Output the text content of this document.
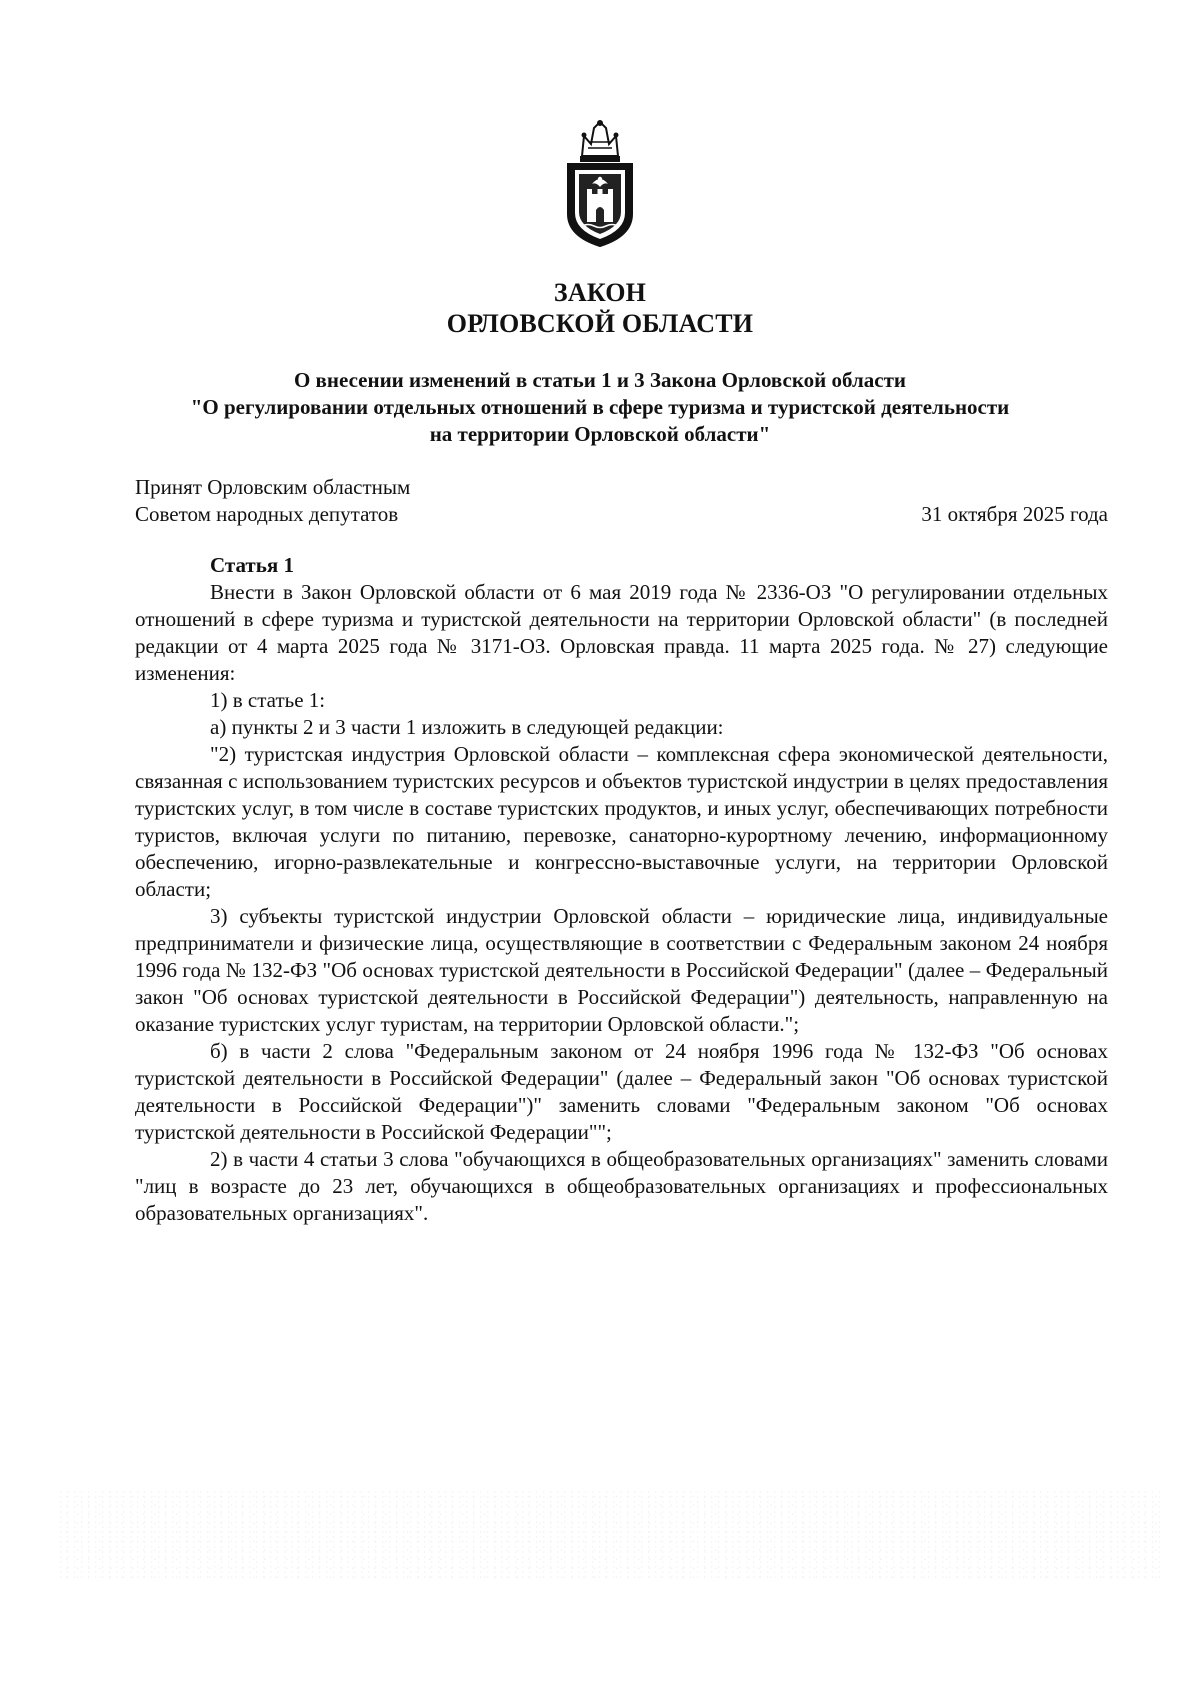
ЗАКОН
ОРЛОВСКОЙ ОБЛАСТИ
О внесении изменений в статьи 1 и 3 Закона Орловской области
"О регулировании отдельных отношений в сфере туризма и туристской деятельности
на территории Орловской области"
Принят Орловским областным
Советом народных депутатов	31 октября 2025 года
Статья 1

Внести в Закон Орловской области от 6 мая 2019 года № 2336-ОЗ "О регулировании отдельных отношений в сфере туризма и туристской деятельности на территории Орловской области" (в последней редакции от 4 марта 2025 года № 3171-ОЗ. Орловская правда. 11 марта 2025 года. № 27) следующие изменения:

1) в статье 1:

а) пункты 2 и 3 части 1 изложить в следующей редакции:

"2) туристская индустрия Орловской области – комплексная сфера экономической деятельности, связанная с использованием туристских ресурсов и объектов туристской индустрии в целях предоставления туристских услуг, в том числе в составе туристских продуктов, и иных услуг, обеспечивающих потребности туристов, включая услуги по питанию, перевозке, санаторно-курортному лечению, информационному обеспечению, игорно-развлекательные и конгрессно-выставочные услуги, на территории Орловской области;

3) субъекты туристской индустрии Орловской области – юридические лица, индивидуальные предприниматели и физические лица, осуществляющие в соответствии с Федеральным законом 24 ноября 1996 года № 132-ФЗ "Об основах туристской деятельности в Российской Федерации" (далее – Федеральный закон "Об основах туристской деятельности в Российской Федерации") деятельность, направленную на оказание туристских услуг туристам, на территории Орловской области.";

б) в части 2 слова "Федеральным законом от 24 ноября 1996 года № 132-ФЗ "Об основах туристской деятельности в Российской Федерации" (далее – Федеральный закон "Об основах туристской деятельности в Российской Федерации")" заменить словами "Федеральным законом "Об основах туристской деятельности в Российской Федерации"";

2) в части 4 статьи 3 слова "обучающихся в общеобразовательных организациях" заменить словами "лиц в возрасте до 23 лет, обучающихся в общеобразовательных организациях и профессиональных образовательных организациях".
